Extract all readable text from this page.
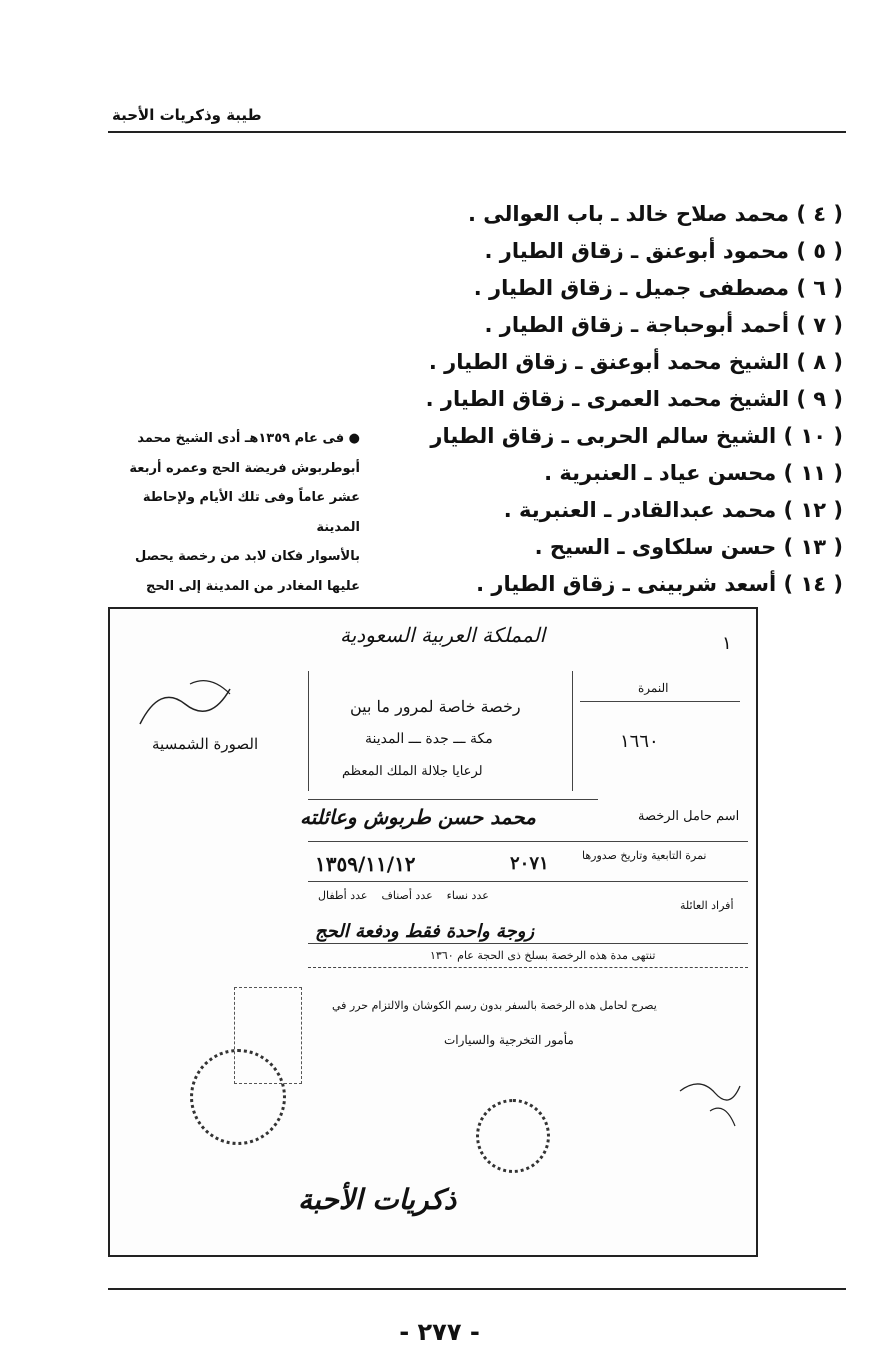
طيبة وذكريات الأحبة
( ٤ ) محمد صلاح خالد ـ باب العوالى .
( ٥ ) محمود أبوعنق ـ زقاق الطيار .
( ٦ ) مصطفى جميل ـ زقاق الطيار .
( ٧ ) أحمد أبوحباجة ـ زقاق الطيار .
( ٨ ) الشيخ محمد أبوعنق ـ زقاق الطيار .
( ٩ ) الشيخ محمد العمرى ـ زقاق الطيار .
( ١٠ ) الشيخ سالم الحربى ـ زقاق الطيار
( ١١ ) محسن عياد ـ العنبرية .
( ١٢ ) محمد عبدالقادر ـ العنبرية .
( ١٣ ) حسن سلكاوى ـ السيح .
( ١٤ ) أسعد شربينى ـ زقاق الطيار .
● فى عام ١٣٥٩هـ أدى الشيخ محمد
أبوطربوش فريضة الحج وعمره أربعة
عشر عاماً وفى تلك الأيام ولإحاطة المدينة
بالأسوار فكان لابد من رخصة يحصل
عليها المغادر من المدينة إلى الحج
المملكة العربية السعودية	١
النمرة
١٦٦٠
رخصة خاصة لمرور ما بين
مكة ـــ جدة ـــ المدينة
لرعايا جلالة الملك المعظم
الصورة الشمسية
محمد حسن طربوش وعائلته	اسم حامل الرخصة
١٣٥٩/١١/١٢	٢٠٧١	نمرة التابعية وتاريخ صدورها
عدد نساء    عدد أصناف    عدد أطفال
أفراد العائلة
زوجة واحدة فقط ودفعة الحج
تنتهى مدة هذه الرخصة بسلخ ذى الحجة عام ١٣٦٠
يصرح لحامل هذه الرخصة بالسفر بدون رسم الكوشان والالتزام حرر في
مأمور التخرجية والسيارات
ذكريات الأحبة
- ٢٧٧ -
